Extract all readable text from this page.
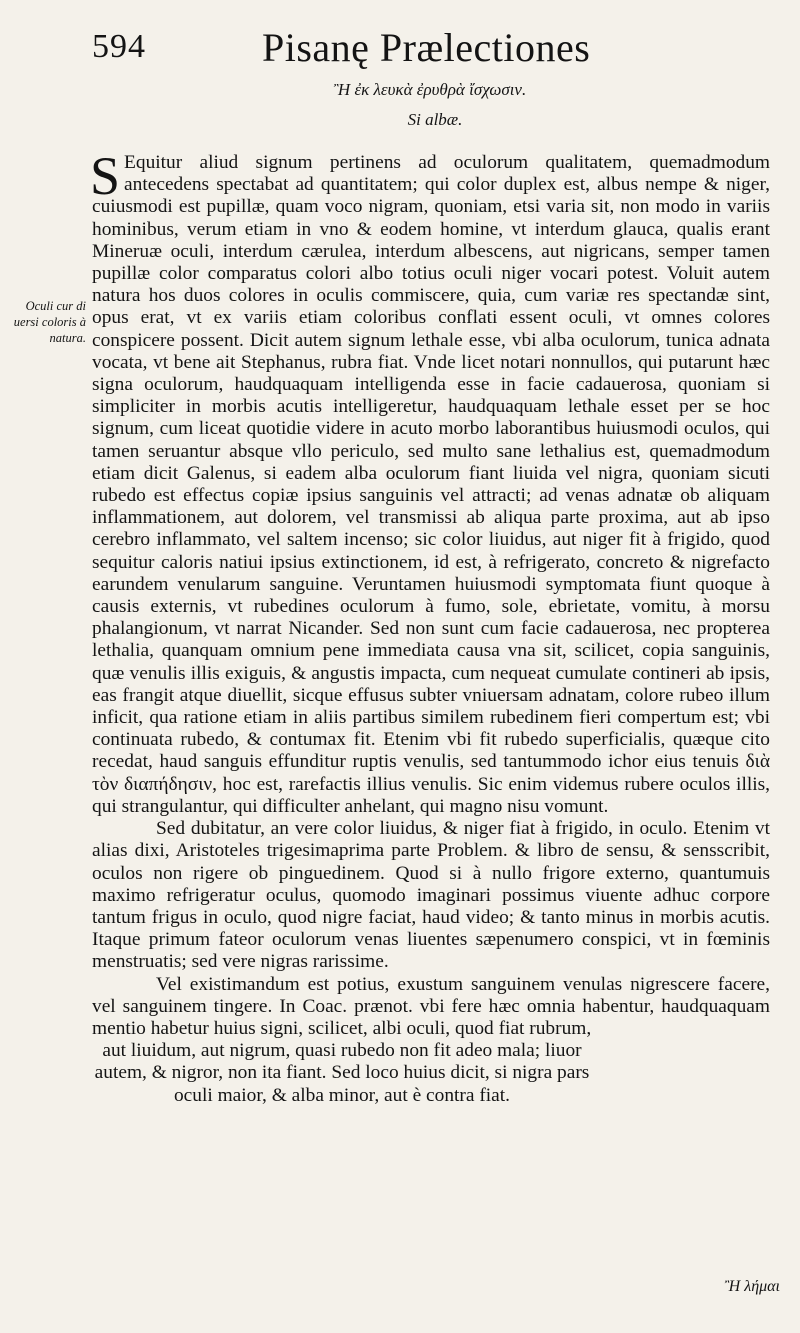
594	Pisanę Prælectiones
Ἢ ἐκ λευκὰ ἐρυθρὰ ἴσχωσιν.
Si albæ.
Oculi cur di uersi coloris à natura.

S Equitur aliud signum pertinens ad oculorum qualitatem, quemadmodum antecedens spectabat ad quantitatem; qui color duplex est, albus nempe & niger, cuiusmodi est pupillæ, quam voco nigram, quoniam, etsi varia sit, non modo in variis hominibus, verum etiam in vno & eodem homine, vt interdum glauca, qualis erant Mineruæ oculi, interdum cærulea, interdum albescens, aut nigricans, semper tamen pupillæ color comparatus colori albo totius oculi niger vocari potest. Voluit autem natura hos duos colores in oculis commiscere, quia, cum variæ res spectandæ sint, opus erat, vt ex variis etiam coloribus conflati essent oculi, vt omnes colores conspicere possent. Dicit autem signum lethale esse, vbi alba oculorum, tunica adnata vocata, vt bene ait Stephanus, rubra fiat. Vnde licet notari nonnullos, qui putarunt hæc signa oculorum, haudquaquam intelligenda esse in facie cadauerosa, quoniam si simpliciter in morbis acutis intelligeretur, haudquaquam lethale esset per se hoc signum, cum liceat quotidie videre in acuto morbo laborantibus huiusmodi oculos, qui tamen seruantur absque vllo periculo, sed multo sane lethalius est, quemadmodum etiam dicit Galenus, si eadem alba oculorum fiant liuida vel nigra, quoniam sicuti rubedo est effectus copiæ ipsius sanguinis vel attracti; ad venas adnatæ ob aliquam inflammationem, aut dolorem, vel transmissi ab aliqua parte proxima, aut ab ipso cerebro inflammato, vel saltem incenso; sic color liuidus, aut niger fit à frigido, quod sequitur caloris natiui ipsius extinctionem, id est, à refrigerato, concreto & nigrefacto earundem venularum sanguine. Veruntamen huiusmodi symptomata fiunt quoque à causis externis, vt rubedines oculorum à fumo, sole, ebrietate, vomitu, à morsu phalangionum, vt narrat Nicander. Sed non sunt cum facie cadauerosa, nec propterea lethalia, quanquam omnium pene immediata causa vna sit, scilicet, copia sanguinis, quæ venulis illis exiguis, & angustis impacta, cum nequeat cumulate contineri ab ipsis, eas frangit atque diuellit, sicque effusus subter vniuersam adnatam, colore rubeo illum inficit, qua ratione etiam in aliis partibus similem rubedinem fieri compertum est; vbi continuata rubedo, & contumax fit. Etenim vbi fit rubedo superficialis, quæque cito recedat, haud sanguis effunditur ruptis venulis, sed tantummodo ichor eius tenuis διὰ τὸν διαπήδησιν, hoc est, rarefactis illius venulis. Sic enim videmus rubere oculos illis, qui strangulantur, qui difficulter anhelant, qui magno nisu vomunt.

Sed dubitatur, an vere color liuidus, & niger fiat à frigido, in oculo. Etenim vt alias dixi, Aristoteles trigesimaprima parte Problem. & libro de sensu, & sensscribit, oculos non rigere ob pinguedinem. Quod si à nullo frigore externo, quantumuis maximo refrigeratur oculus, quomodo imaginari possimus viuente adhuc corpore tantum frigus in oculo, quod nigre faciat, haud video; & tanto minus in morbis acutis. Itaque primum fateor oculorum venas liuentes sæpenumero conspici, vt in fœminis menstruatis; sed vere nigras rarissime.

Vel existimandum est potius, exustum sanguinem venulas nigrescere facere, vel sanguinem tingere. In Coac. prænot. vbi fere hæc omnia habentur, haudquaquam mentio habetur huius signi, scilicet, albi oculi, quod fiat rubrum,

aut liuidum, aut nigrum, quasi rubedo non fit adeo mala; liuor autem, & nigror, non ita fiant. Sed loco huius dicit, si nigra pars oculi maior, & alba minor, aut è contra fiat.

Ἢ λήμαι
